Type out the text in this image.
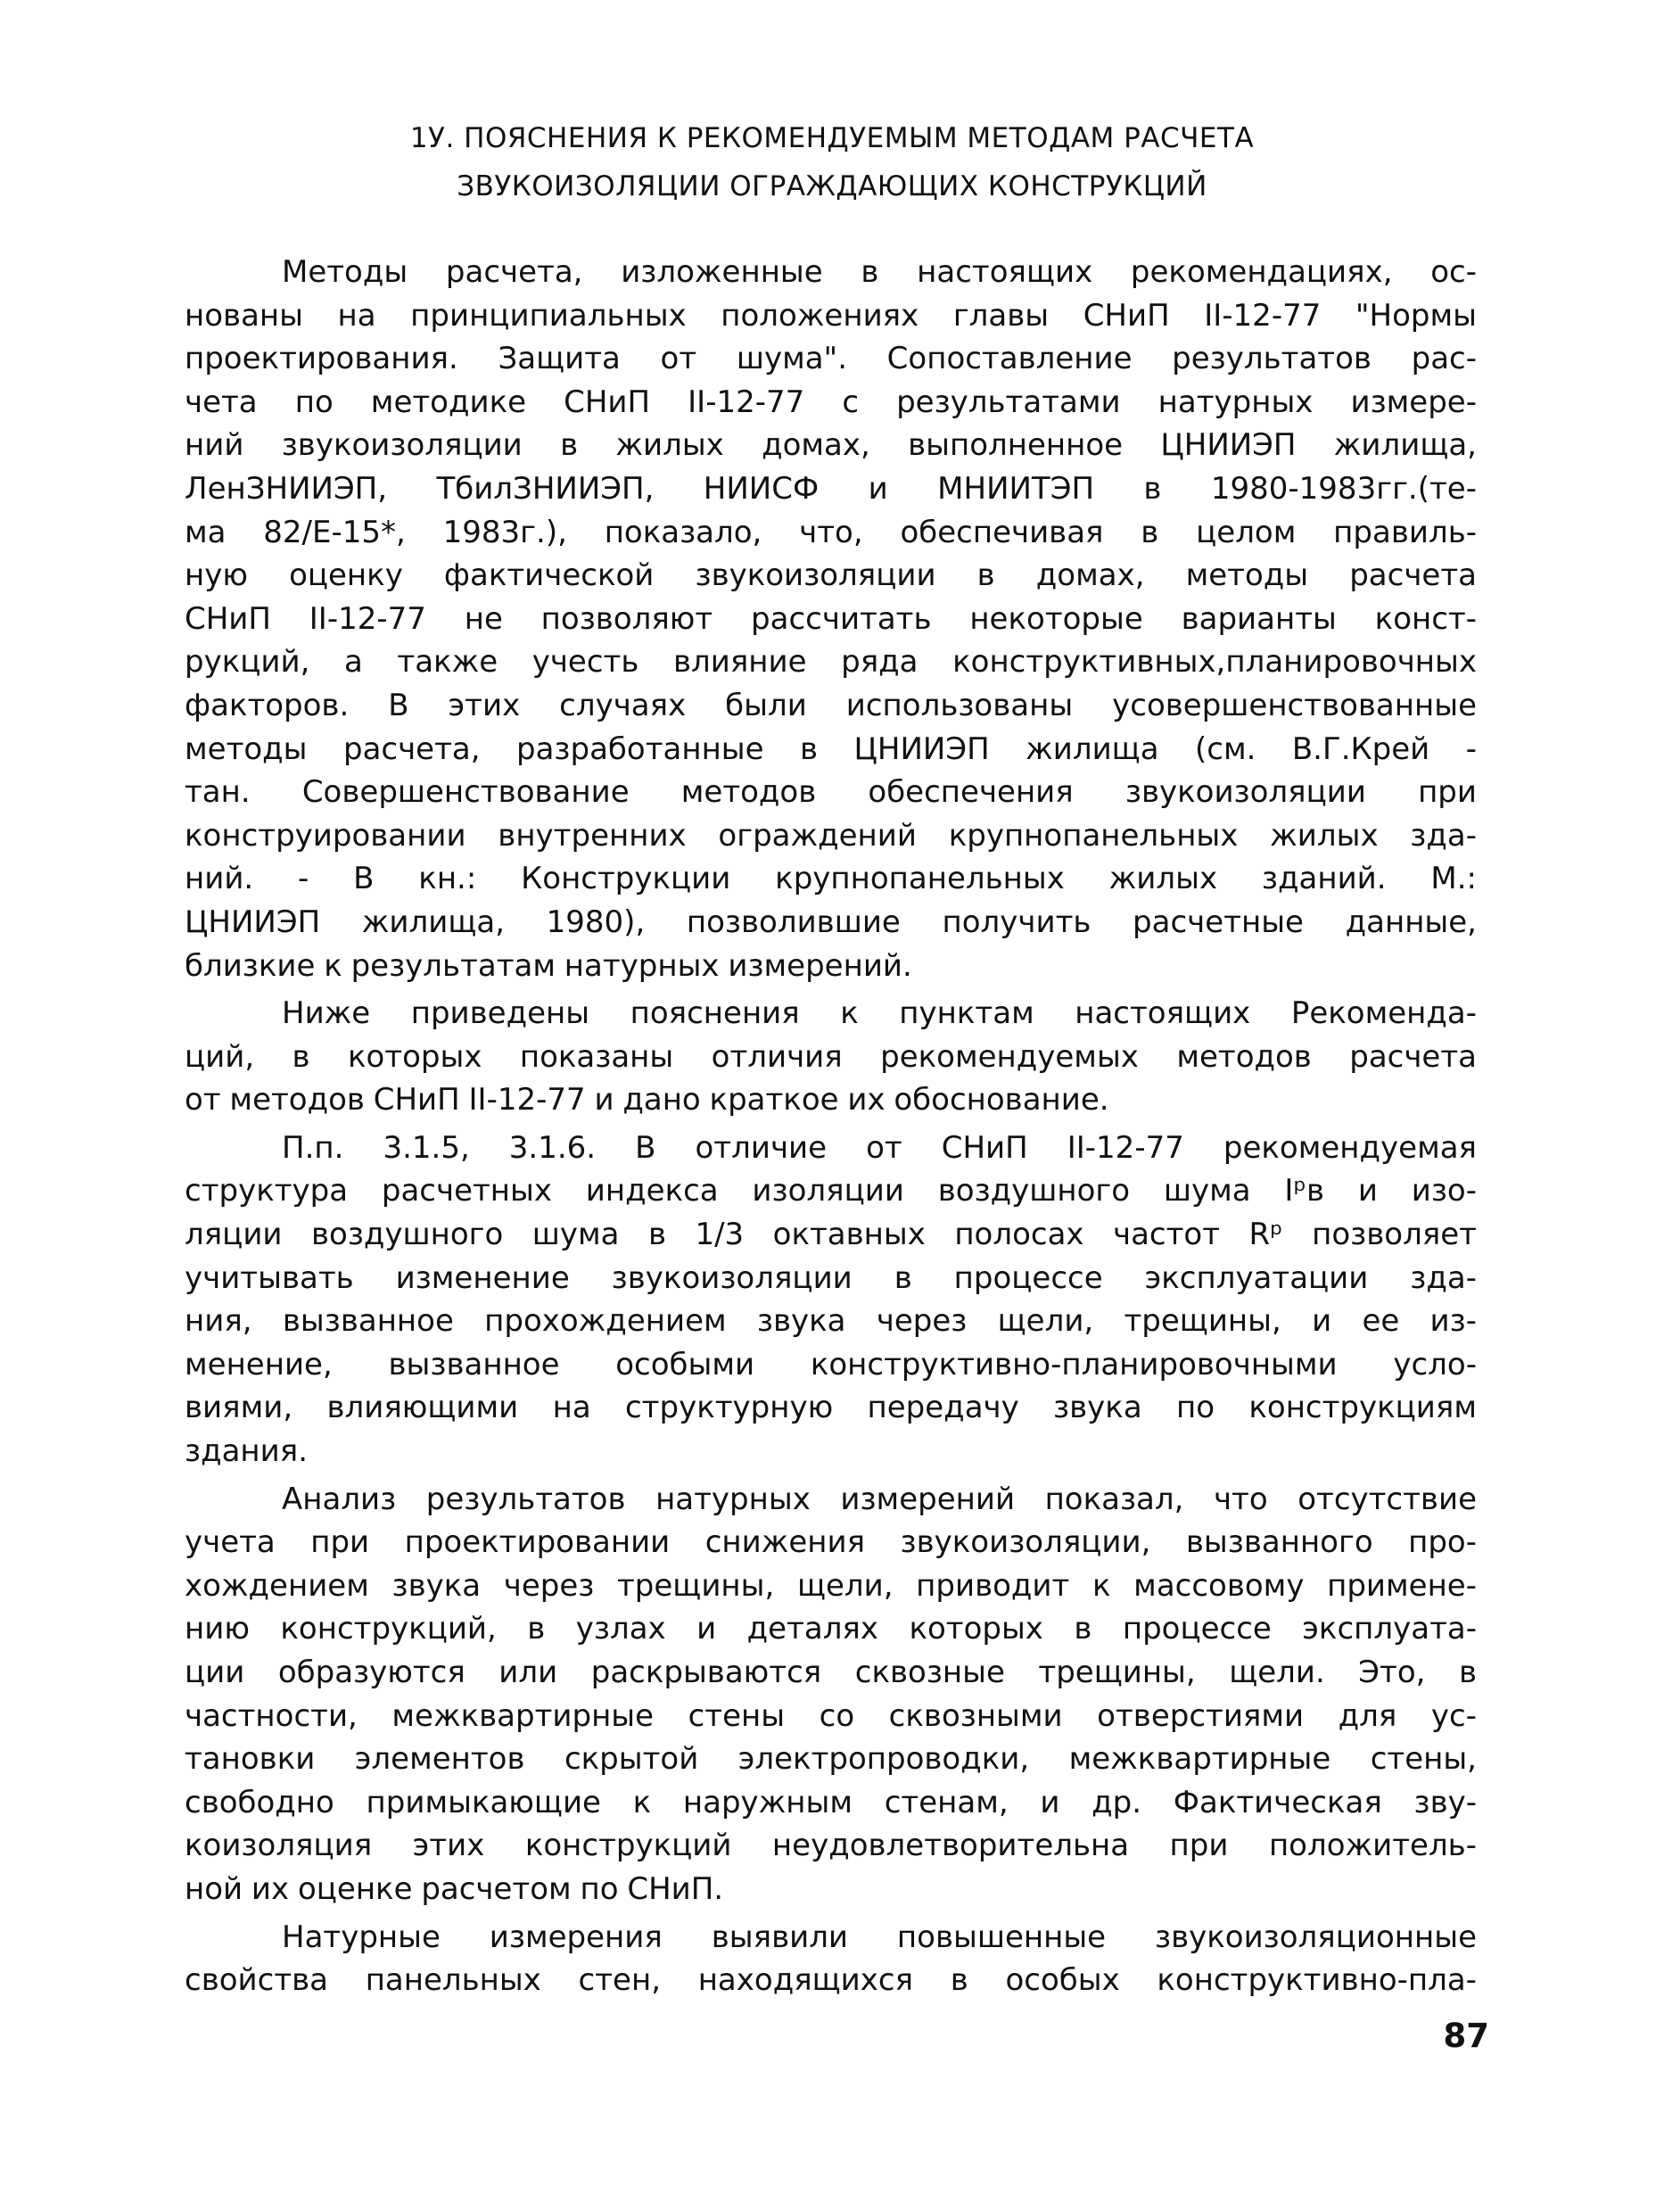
1У. ПОЯСНЕНИЯ К РЕКОМЕНДУЕМЫМ МЕТОДАМ РАСЧЕТА
ЗВУКОИЗОЛЯЦИИ ОГРАЖДАЮЩИХ КОНСТРУКЦИЙ

Методы расчета, изложенные в настоящих рекомендациях, ос-
нованы на принципиальных положениях главы СНиП II-12-77 "Нормы
проектирования. Защита от шума". Сопоставление результатов рас-
чета по методике СНиП II-12-77 с результатами натурных измере-
ний звукоизоляции в жилых домах, выполненное ЦНИИЭП жилища,
ЛенЗНИИЭП, ТбилЗНИИЭП, НИИСФ и МНИИТЭП в 1980-1983гг.(те-
ма 82/Е-15*, 1983г.), показало, что, обеспечивая в целом правиль-
ную оценку фактической звукоизоляции в домах, методы расчета
СНиП II-12-77 не позволяют рассчитать некоторые варианты конст-
рукций, а также учесть влияние ряда конструктивных,планировочных
факторов. В этих случаях были использованы усовершенствованные
методы расчета, разработанные в ЦНИИЭП жилища (см. В.Г.Крей -
тан. Совершенствование методов обеспечения звукоизоляции при
конструировании внутренних ограждений крупнопанельных жилых зда-
ний. - В кн.: Конструкции крупнопанельных жилых зданий. М.:
ЦНИИЭП жилища, 1980), позволившие получить расчетные данные,
близкие к результатам натурных измерений.

Ниже приведены пояснения к пунктам настоящих Рекоменда-
ций, в которых показаны отличия рекомендуемых методов расчета
от методов СНиП II-12-77 и дано краткое их обоснование.

П.п. 3.1.5, 3.1.6. В отличие от СНиП II-12-77 рекомендуемая
структура расчетных индекса изоляции воздушного шума Iᵖв и изо-
ляции воздушного шума в 1/3 октавных полосах частот Rᵖ позволяет
учитывать изменение звукоизоляции в процессе эксплуатации зда-
ния, вызванное прохождением звука через щели, трещины, и ее из-
менение, вызванное особыми конструктивно-планировочными усло-
виями, влияющими на структурную передачу звука по конструкциям
здания.

Анализ результатов натурных измерений показал, что отсутствие
учета при проектировании снижения звукоизоляции, вызванного про-
хождением звука через трещины, щели, приводит к массовому примене-
нию конструкций, в узлах и деталях которых в процессе эксплуата-
ции образуются или раскрываются сквозные трещины, щели. Это, в
частности, межквартирные стены со сквозными отверстиями для ус-
тановки элементов скрытой электропроводки, межквартирные стены,
свободно примыкающие к наружным стенам, и др. Фактическая зву-
коизоляция этих конструкций неудовлетворительна при положитель-
ной их оценке расчетом по СНиП.

Натурные измерения выявили повышенные звукоизоляционные
свойства панельных стен, находящихся в особых конструктивно-пла-

87
